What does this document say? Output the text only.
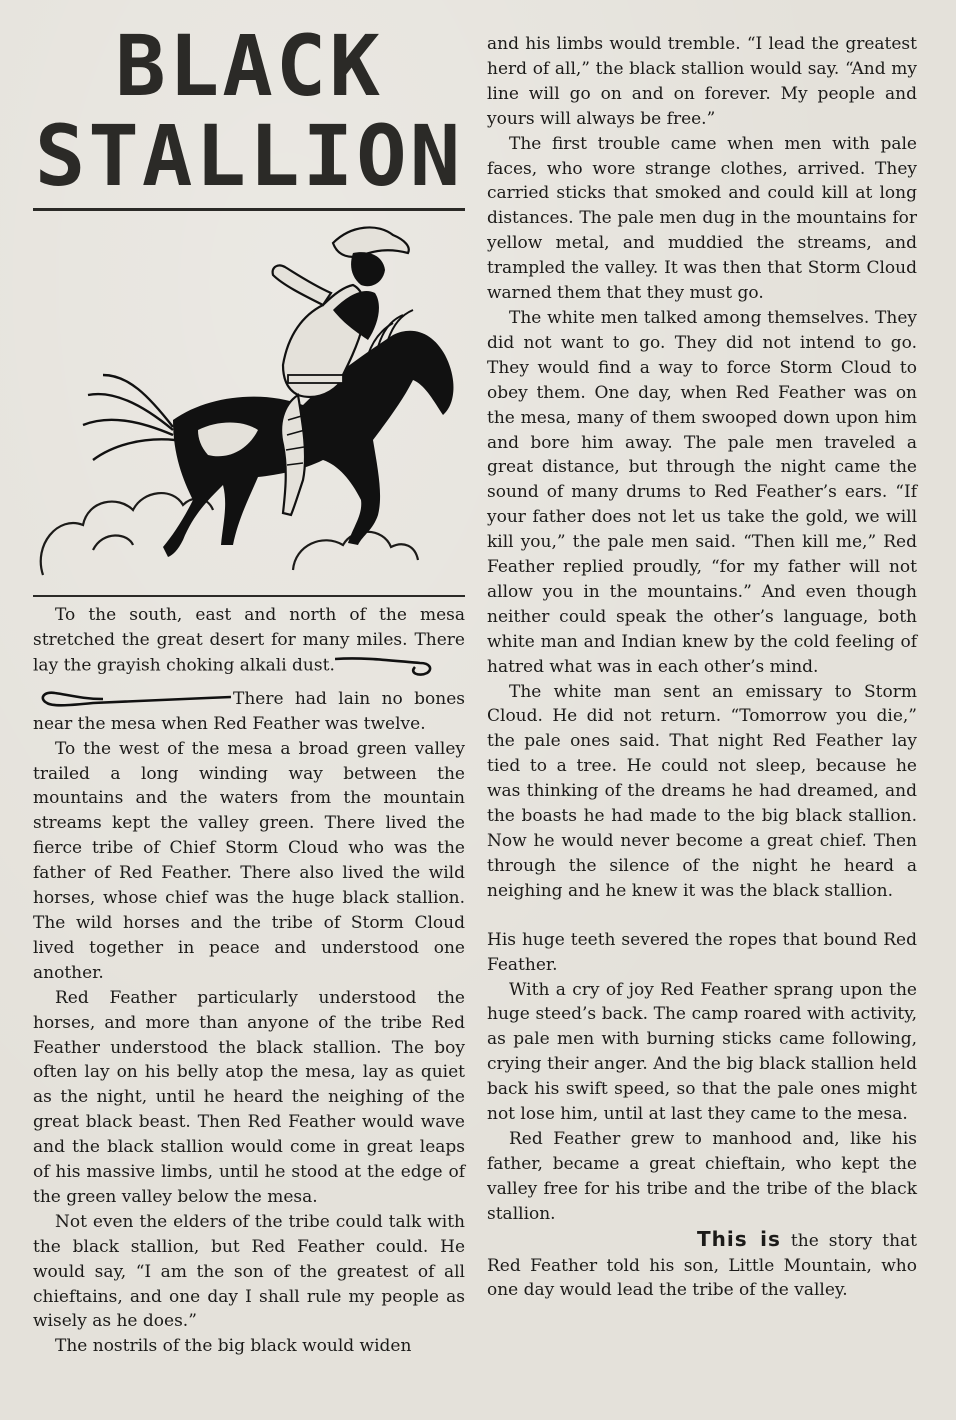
BLACK
STALLION

To the south, east and north of the mesa stretched the great desert for many miles. There lay the grayish choking alkali dust.

There had lain no bones near the mesa when Red Feather was twelve.

To the west of the mesa a broad green valley trailed a long winding way between the mountains and the waters from the mountain streams kept the valley green. There lived the fierce tribe of Chief Storm Cloud who was the father of Red Feather. There also lived the wild horses, whose chief was the huge black stallion. The wild horses and the tribe of Storm Cloud lived together in peace and understood one another.

Red Feather particularly understood the horses, and more than anyone of the tribe Red Feather understood the black stallion. The boy often lay on his belly atop the mesa, lay as quiet as the night, until he heard the neighing of the great black beast. Then Red Feather would wave and the black stallion would come in great leaps of his massive limbs, until he stood at the edge of the green valley below the mesa.

Not even the elders of the tribe could talk with the black stallion, but Red Feather could. He would say, “I am the son of the greatest of all chieftains, and one day I shall rule my people as wisely as he does.”

The nostrils of the big black would widen

and his limbs would tremble. “I lead the greatest herd of all,” the black stallion would say. “And my line will go on and on forever. My people and yours will always be free.”

The first trouble came when men with pale faces, who wore strange clothes, arrived. They carried sticks that smoked and could kill at long distances. The pale men dug in the mountains for yellow metal, and muddied the streams, and trampled the valley. It was then that Storm Cloud warned them that they must go.

The white men talked among themselves. They did not want to go. They did not intend to go. They would find a way to force Storm Cloud to obey them. One day, when Red Feather was on the mesa, many of them swooped down upon him and bore him away. The pale men traveled a great distance, but through the night came the sound of many drums to Red Feather’s ears. “If your father does not let us take the gold, we will kill you,” the pale men said. “Then kill me,” Red Feather replied proudly, “for my father will not allow you in the mountains.” And even though neither could speak the other’s language, both white man and Indian knew by the cold feeling of hatred what was in each other’s mind.

The white man sent an emissary to Storm Cloud. He did not return. “Tomorrow you die,” the pale ones said. That night Red Feather lay tied to a tree. He could not sleep, because he was thinking of the dreams he had dreamed, and the boasts he had made to the big black stallion. Now he would never become a great chief. Then through the silence of the night he heard a neighing and he knew it was the black stallion.

His huge teeth severed the ropes that bound Red Feather.

With a cry of joy Red Feather sprang upon the huge steed’s back. The camp roared with activity, as pale men with burning sticks came following, crying their anger. And the big black stallion held back his swift speed, so that the pale ones might not lose him, until at last they came to the mesa.

Red Feather grew to manhood and, like his father, became a great chieftain, who kept the valley free for his tribe and the tribe of the black stallion.

This is the story that Red Feather told his son, Little Mountain, who one day would lead the tribe of the valley.
